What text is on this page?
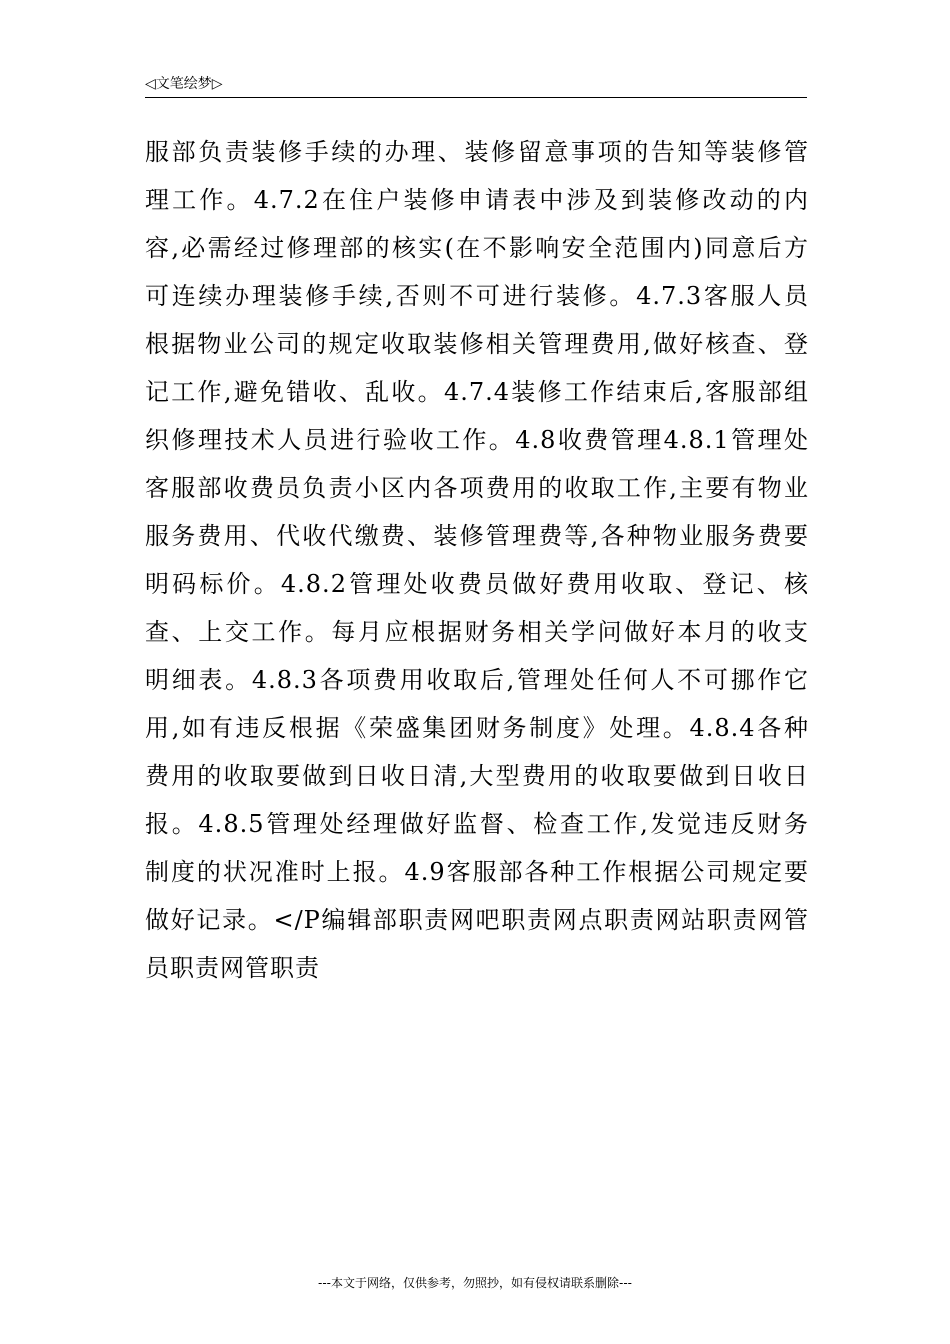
◁文笔绘梦▷
服部负责装修手续的办理、装修留意事项的告知等装修管
理工作。4.7.2在住户装修申请表中涉及到装修改动的内
容,必需经过修理部的核实(在不影响安全范围内)同意后方
可连续办理装修手续,否则不可进行装修。4.7.3客服人员
根据物业公司的规定收取装修相关管理费用,做好核查、登
记工作,避免错收、乱收。4.7.4装修工作结束后,客服部组
织修理技术人员进行验收工作。4.8收费管理4.8.1管理处
客服部收费员负责小区内各项费用的收取工作,主要有物业
服务费用、代收代缴费、装修管理费等,各种物业服务费要
明码标价。4.8.2管理处收费员做好费用收取、登记、核
查、上交工作。每月应根据财务相关学问做好本月的收支
明细表。4.8.3各项费用收取后,管理处任何人不可挪作它
用,如有违反根据《荣盛集团财务制度》处理。4.8.4各种
费用的收取要做到日收日清,大型费用的收取要做到日收日
报。4.8.5管理处经理做好监督、检查工作,发觉违反财务
制度的状况准时上报。4.9客服部各种工作根据公司规定要
做好记录。</P编辑部职责网吧职责网点职责网站职责网管
员职责网管职责
---本文于网络，仅供参考，勿照抄，如有侵权请联系删除---
